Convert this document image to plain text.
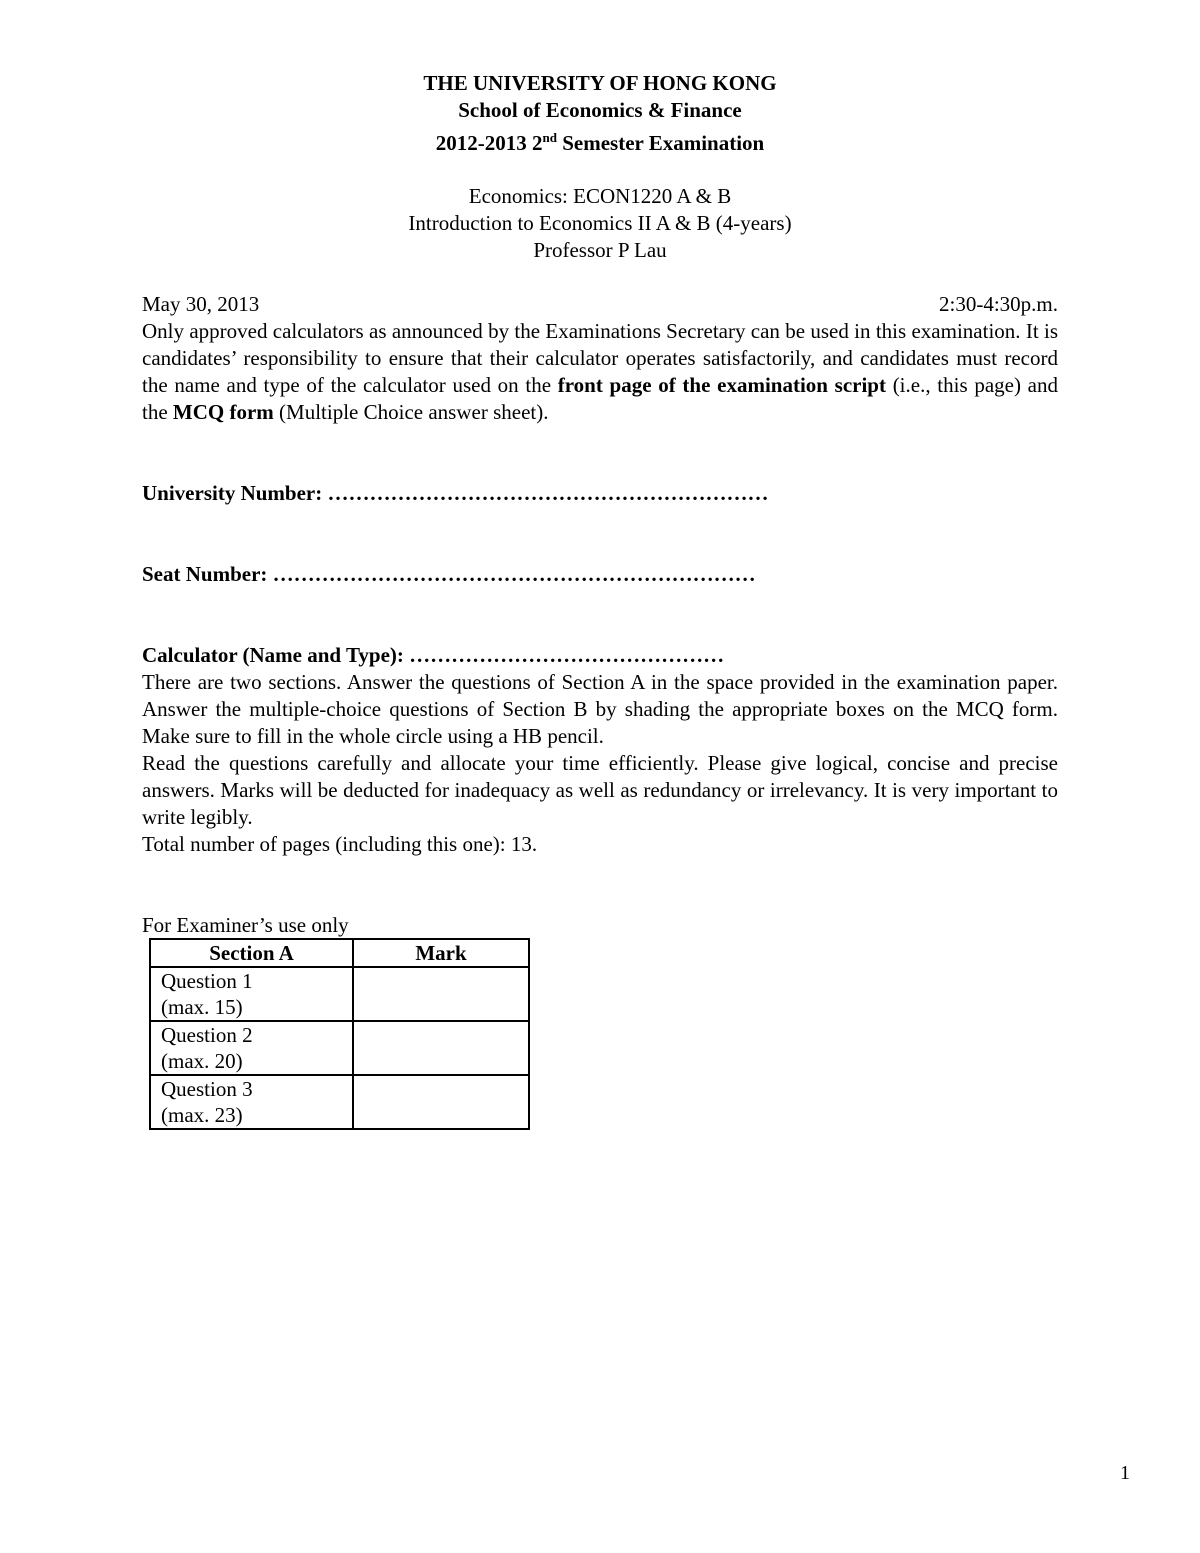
THE UNIVERSITY OF HONG KONG
School of Economics & Finance
2012-2013 2nd Semester Examination
Economics: ECON1220 A & B
Introduction to Economics II A & B (4-years)
Professor P Lau
May 30, 2013	2:30-4:30p.m.

Only approved calculators as announced by the Examinations Secretary can be used in this examination. It is candidates’ responsibility to ensure that their calculator operates satisfactorily, and candidates must record the name and type of the calculator used on the front page of the examination script (i.e., this page) and the MCQ form (Multiple Choice answer sheet).

University Number: ………………………………………………………
Seat Number: ……………………………………………………………
Calculator (Name and Type): ………………………………………

There are two sections. Answer the questions of Section A in the space provided in the examination paper. Answer the multiple-choice questions of Section B by shading the appropriate boxes on the MCQ form. Make sure to fill in the whole circle using a HB pencil.

Read the questions carefully and allocate your time efficiently. Please give logical, concise and precise answers. Marks will be deducted for inadequacy as well as redundancy or irrelevancy. It is very important to write legibly.

Total number of pages (including this one): 13.

For Examiner’s use only
Section A	Mark

Question 1
(max. 15)	

Question 2
(max. 20)	

Question 3
(max. 23)	

1
